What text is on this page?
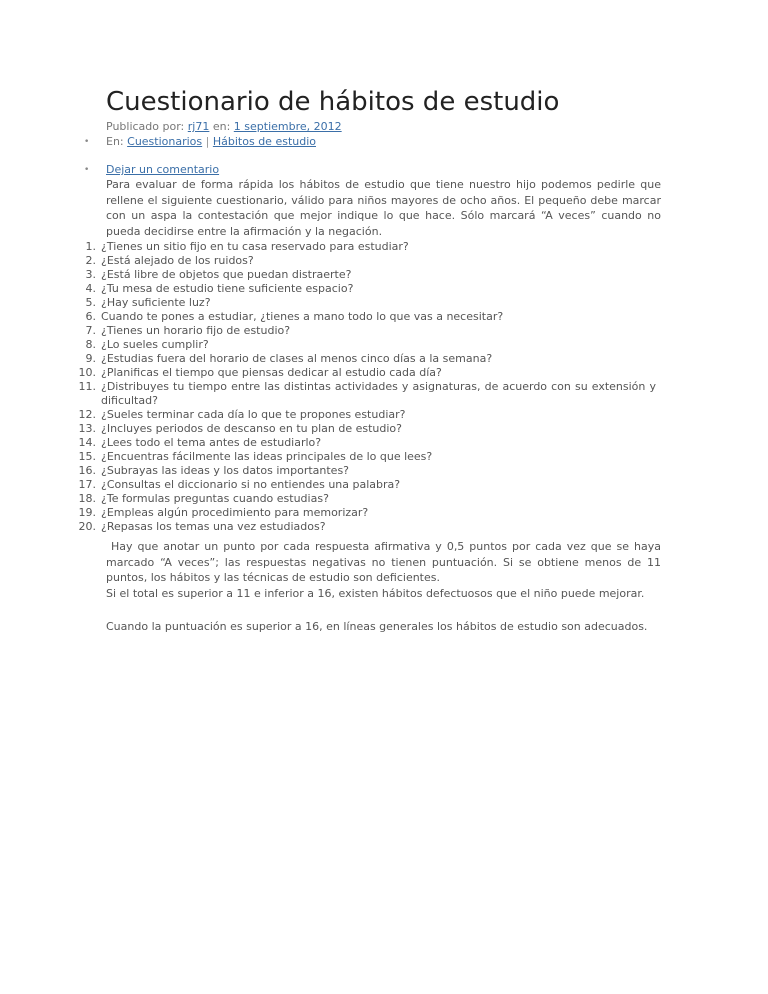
Cuestionario de hábitos de estudio
Publicado por: rj71 en: 1 septiembre, 2012
• En: Cuestionarios | Hábitos de estudio
• Dejar un comentario

Para evaluar de forma rápida los hábitos de estudio que tiene nuestro hijo podemos pedirle que rellene el siguiente cuestionario, válido para niños mayores de ocho años. El pequeño debe marcar con un aspa la contestación que mejor indique lo que hace. Sólo marcará “A veces” cuando no pueda decidirse entre la afirmación y la negación.

1. ¿Tienes un sitio fijo en tu casa reservado para estudiar?
2. ¿Está alejado de los ruidos?
3. ¿Está libre de objetos que puedan distraerte?
4. ¿Tu mesa de estudio tiene suficiente espacio?
5. ¿Hay suficiente luz?
6. Cuando te pones a estudiar, ¿tienes a mano todo lo que vas a necesitar?
7. ¿Tienes un horario fijo de estudio?
8. ¿Lo sueles cumplir?
9. ¿Estudias fuera del horario de clases al menos cinco días a la semana?
10. ¿Planificas el tiempo que piensas dedicar al estudio cada día?
11. ¿Distribuyes tu tiempo entre las distintas actividades y asignaturas, de acuerdo con su extensión y dificultad?
12. ¿Sueles terminar cada día lo que te propones estudiar?
13. ¿Incluyes periodos de descanso en tu plan de estudio?
14. ¿Lees todo el tema antes de estudiarlo?
15. ¿Encuentras fácilmente las ideas principales de lo que lees?
16. ¿Subrayas las ideas y los datos importantes?
17. ¿Consultas el diccionario si no entiendes una palabra?
18. ¿Te formulas preguntas cuando estudias?
19. ¿Empleas algún procedimiento para memorizar?
20. ¿Repasas los temas una vez estudiados?

Hay que anotar un punto por cada respuesta afirmativa y 0,5 puntos por cada vez que se haya marcado “A veces”; las respuestas negativas no tienen puntuación. Si se obtiene menos de 11 puntos, los hábitos y las técnicas de estudio son deficientes.

Si el total es superior a 11 e inferior a 16, existen hábitos defectuosos que el niño puede mejorar.

Cuando la puntuación es superior a 16, en líneas generales los hábitos de estudio son adecuados.
